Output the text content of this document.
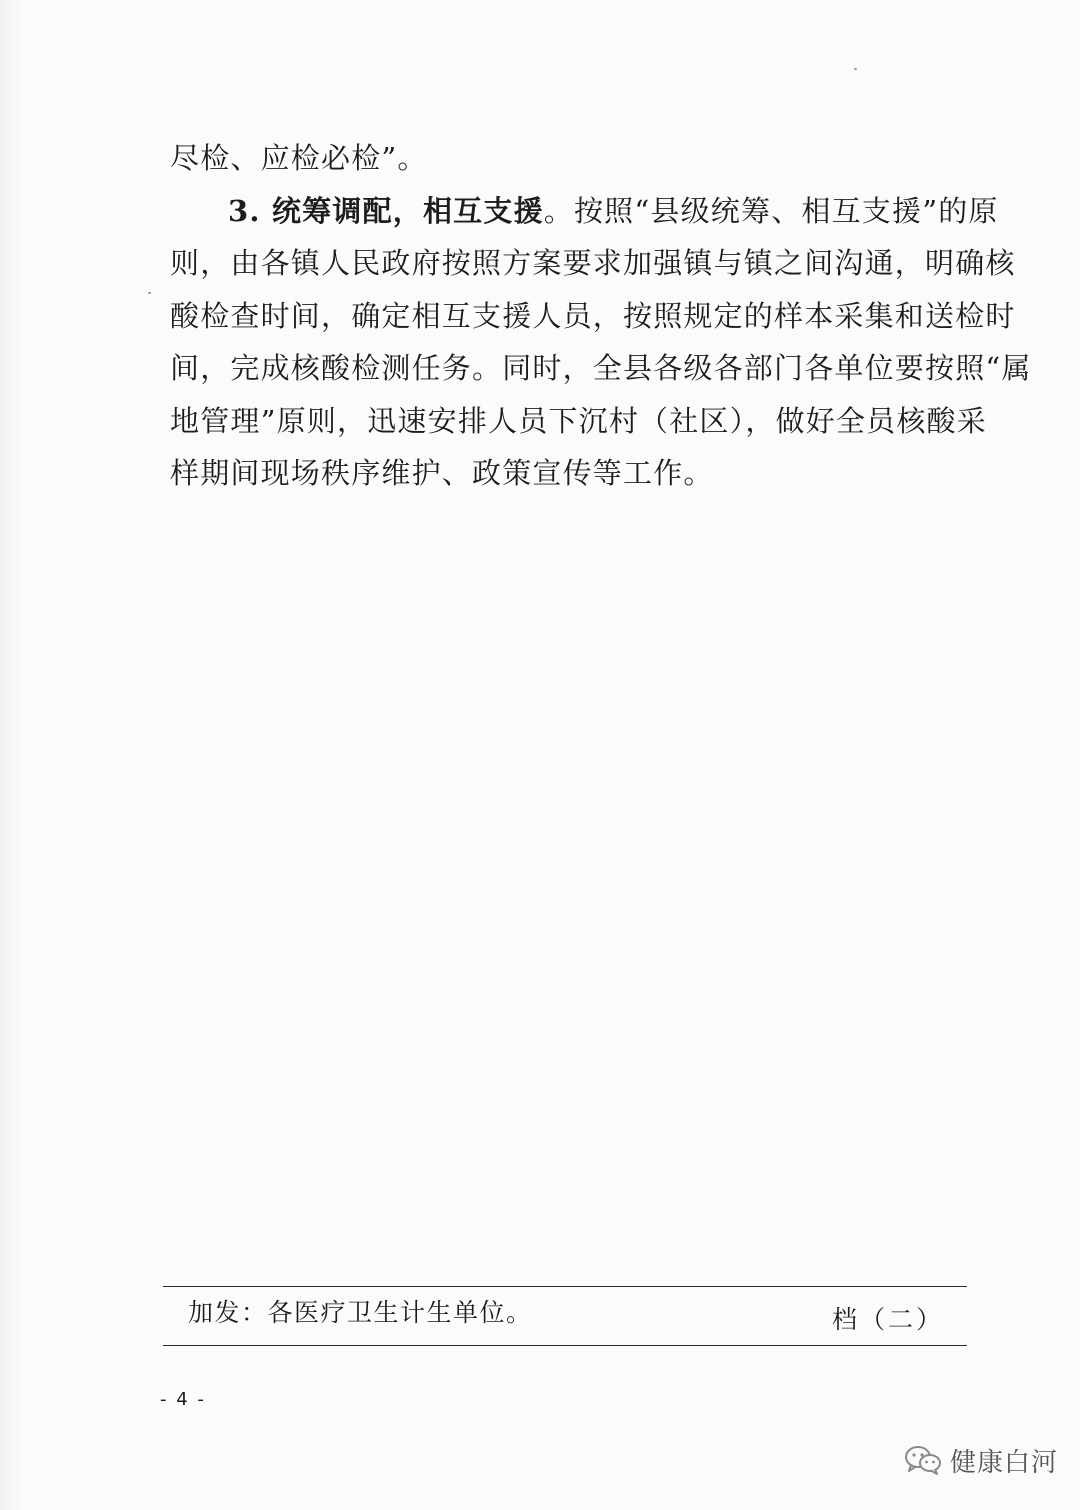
尽检、应检必检”。
3. 统筹调配，相互支援。按照“县级统筹、相互支援”的原
则，由各镇人民政府按照方案要求加强镇与镇之间沟通，明确核
酸检查时间，确定相互支援人员，按照规定的样本采集和送检时
间，完成核酸检测任务。同时，全县各级各部门各单位要按照“属
地管理”原则，迅速安排人员下沉村（社区），做好全员核酸采
样期间现场秩序维护、政策宣传等工作。
加发：各医疗卫生计生单位。	档（二）
- 4 -
健康白河
